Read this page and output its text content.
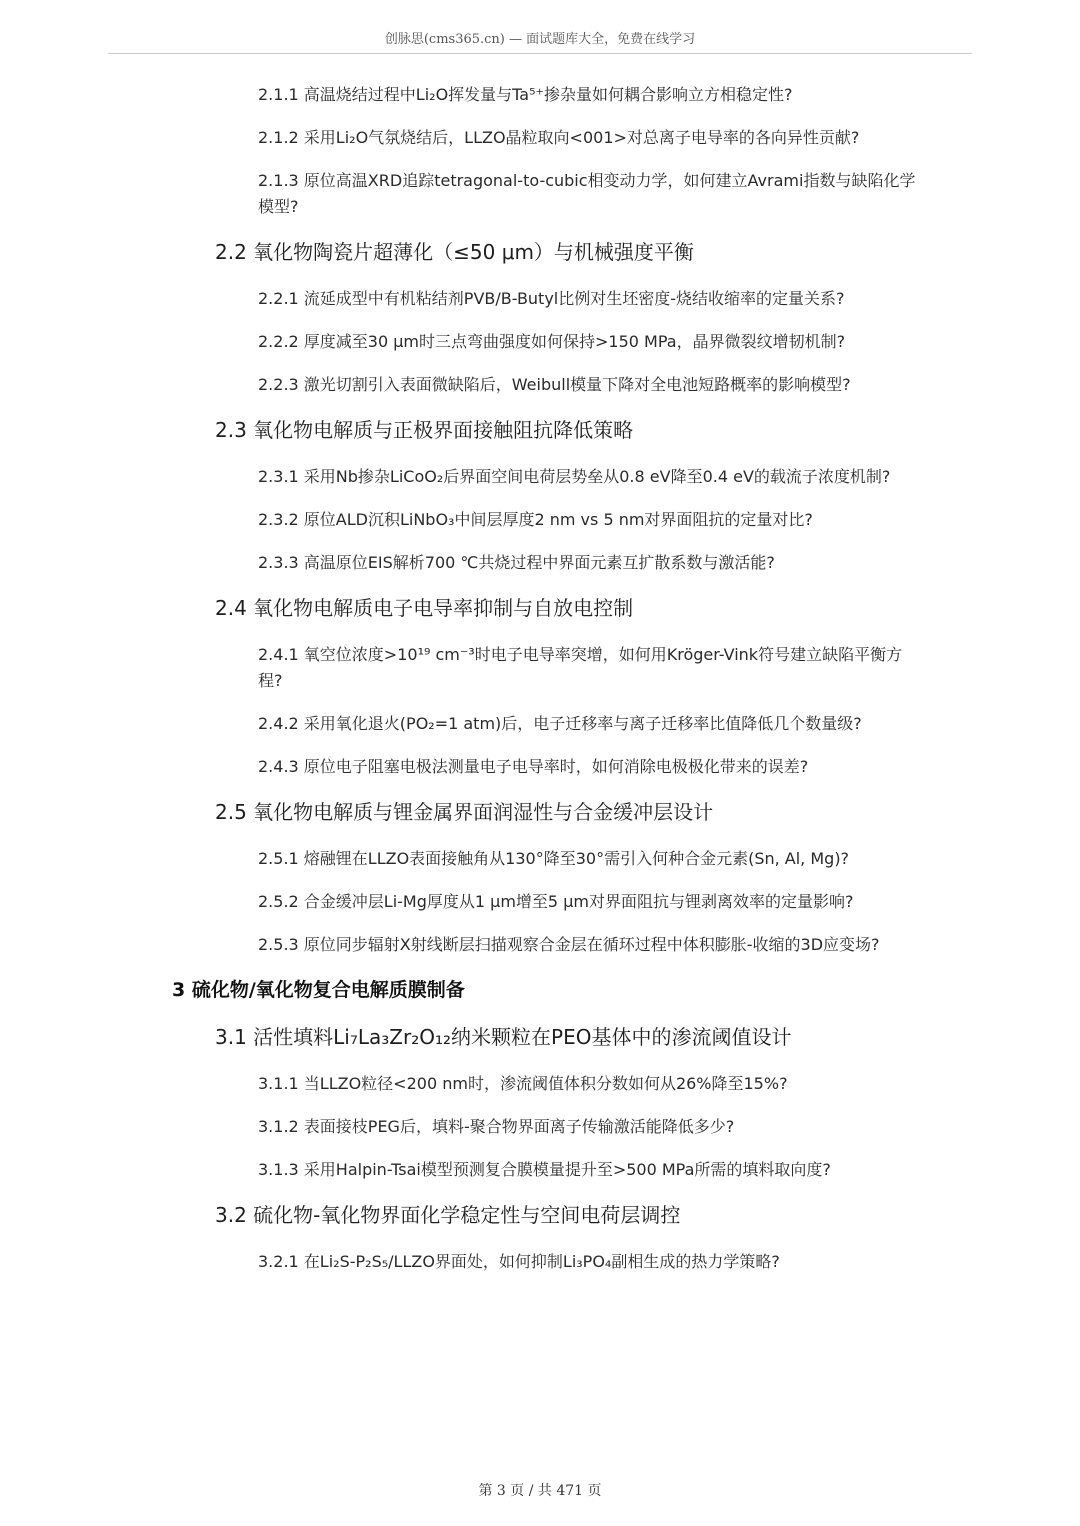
创脉思(cms365.cn) — 面试题库大全，免费在线学习
2.1.1 高温烧结过程中Li₂O挥发量与Ta⁵⁺掺杂量如何耦合影响立方相稳定性?
2.1.2 采用Li₂O气氛烧结后，LLZO晶粒取向<001>对总离子电导率的各向异性贡献?
2.1.3 原位高温XRD追踪tetragonal-to-cubic相变动力学，如何建立Avrami指数与缺陷化学模型?
2.2 氧化物陶瓷片超薄化（≤50 μm）与机械强度平衡
2.2.1 流延成型中有机粘结剂PVB/B-Butyl比例对生坯密度-烧结收缩率的定量关系?
2.2.2 厚度减至30 μm时三点弯曲强度如何保持>150 MPa，晶界微裂纹增韧机制?
2.2.3 激光切割引入表面微缺陷后，Weibull模量下降对全电池短路概率的影响模型?
2.3 氧化物电解质与正极界面接触阻抗降低策略
2.3.1 采用Nb掺杂LiCoO₂后界面空间电荷层势垒从0.8 eV降至0.4 eV的载流子浓度机制?
2.3.2 原位ALD沉积LiNbO₃中间层厚度2 nm vs 5 nm对界面阻抗的定量对比?
2.3.3 高温原位EIS解析700 ℃共烧过程中界面元素互扩散系数与激活能?
2.4 氧化物电解质电子电导率抑制与自放电控制
2.4.1 氧空位浓度>10¹⁹ cm⁻³时电子电导率突增，如何用Kröger-Vink符号建立缺陷平衡方程?
2.4.2 采用氧化退火(PO₂=1 atm)后，电子迁移率与离子迁移率比值降低几个数量级?
2.4.3 原位电子阻塞电极法测量电子电导率时，如何消除电极极化带来的误差?
2.5 氧化物电解质与锂金属界面润湿性与合金缓冲层设计
2.5.1 熔融锂在LLZO表面接触角从130°降至30°需引入何种合金元素(Sn, Al, Mg)?
2.5.2 合金缓冲层Li-Mg厚度从1 μm增至5 μm对界面阻抗与锂剥离效率的定量影响?
2.5.3 原位同步辐射X射线断层扫描观察合金层在循环过程中体积膨胀-收缩的3D应变场?
3 硫化物/氧化物复合电解质膜制备
3.1 活性填料Li₇La₃Zr₂O₁₂纳米颗粒在PEO基体中的渗流阈值设计
3.1.1 当LLZO粒径<200 nm时，渗流阈值体积分数如何从26%降至15%?
3.1.2 表面接枝PEG后，填料-聚合物界面离子传输激活能降低多少?
3.1.3 采用Halpin-Tsai模型预测复合膜模量提升至>500 MPa所需的填料取向度?
3.2 硫化物-氧化物界面化学稳定性与空间电荷层调控
3.2.1 在Li₂S-P₂S₅/LLZO界面处，如何抑制Li₃PO₄副相生成的热力学策略?
第 3 页 / 共 471 页
